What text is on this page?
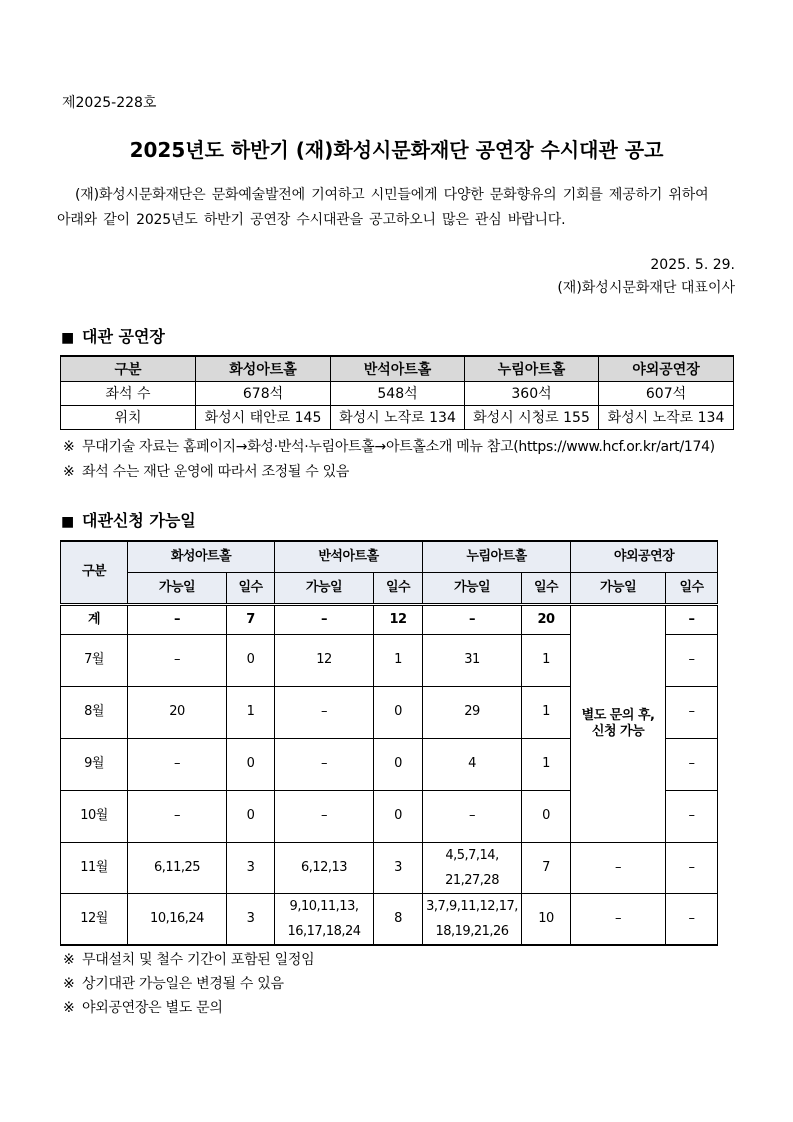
제2025-228호
2025년도 하반기 (재)화성시문화재단 공연장 수시대관 공고
(재)화성시문화재단은 문화예술발전에 기여하고 시민들에게 다양한 문화향유의 기회를 제공하기 위하여
아래와 같이 2025년도 하반기 공연장 수시대관을 공고하오니 많은 관심 바랍니다.
2025. 5. 29.
(재)화성시문화재단 대표이사
■ 대관 공연장
구분	화성아트홀	반석아트홀	누림아트홀	야외공연장
좌석 수	678석	548석	360석	607석
위치	화성시 태안로 145	화성시 노작로 134	화성시 시청로 155	화성시 노작로 134
※ 무대기술 자료는 홈페이지→화성·반석·누림아트홀→아트홀소개 메뉴 참고(https://www.hcf.or.kr/art/174)
※ 좌석 수는 재단 운영에 따라서 조정될 수 있음
■ 대관신청 가능일
구분	화성아트홀		반석아트홀		누림아트홀		야외공연장	
	가능일	일수	가능일	일수	가능일	일수	가능일	일수
계	–	7	–	12	–	20	별도 문의 후,
신청 가능	–
7월	–	0	12	1	31	1		–
8월	20	1	–	0	29	1		–
9월	–	0	–	0	4	1		–
10월	–	0	–	0	–	0		–
11월	6,11,25	3	6,12,13	3	4,5,7,14,
21,27,28	7	–	–
12월	10,16,24	3	9,10,11,13,
16,17,18,24	8	3,7,9,11,12,17,
18,19,21,26	10	–	–
※ 무대설치 및 철수 기간이 포함된 일정임
※ 상기대관 가능일은 변경될 수 있음
※ 야외공연장은 별도 문의
